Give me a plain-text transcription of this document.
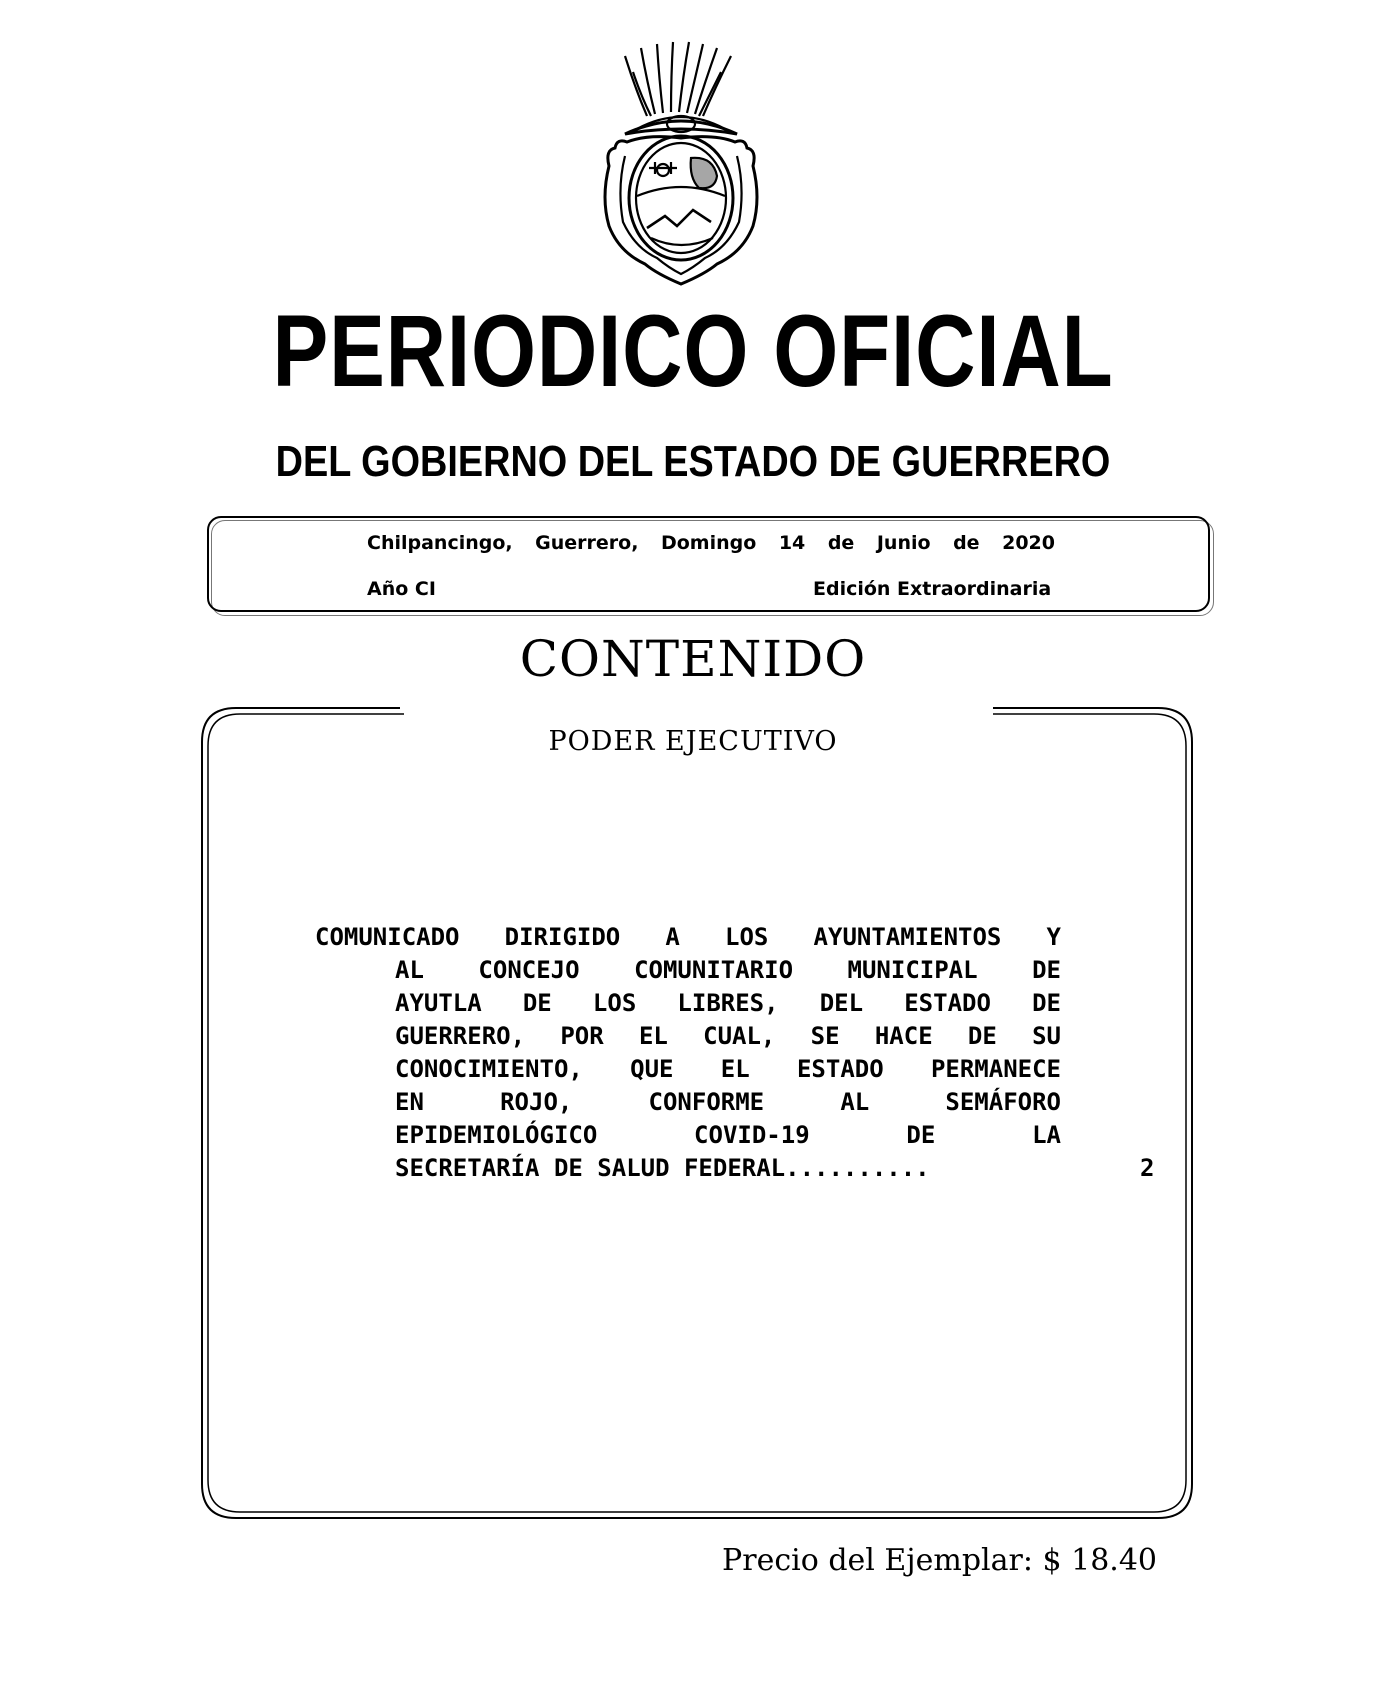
PERIODICO OFICIAL
DEL GOBIERNO DEL ESTADO DE GUERRERO
Chilpancingo, Guerrero, Domingo 14 de Junio de 2020
Año CI	Edición Extraordinaria
CONTENIDO
PODER EJECUTIVO
COMUNICADO DIRIGIDO A LOS AYUNTAMIENTOS Y
AL CONCEJO COMUNITARIO MUNICIPAL DE
AYUTLA DE LOS LIBRES, DEL ESTADO DE
GUERRERO, POR EL CUAL, SE HACE DE SU
CONOCIMIENTO, QUE EL ESTADO PERMANECE
EN ROJO, CONFORME AL SEMÁFORO
EPIDEMIOLÓGICO COVID-19 DE LA
SECRETARÍA DE SALUD FEDERAL..........	2
Precio del Ejemplar: $ 18.40
